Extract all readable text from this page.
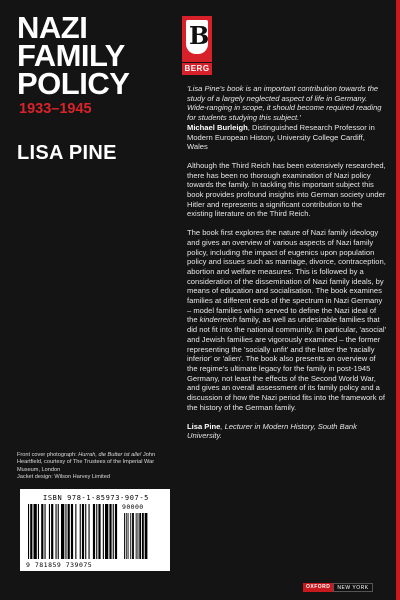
NAZI
FAMILY
POLICY
1933–1945
LISA PINE
B
BERG

'Lisa Pine's book is an important contribution towards the study of a largely neglected aspect of life in Germany. Wide-ranging in scope, it should become required reading for students studying this subject.'
Michael Burleigh, Distinguished Research Professor in Modern European History, University College Cardiff, Wales

Although the Third Reich has been extensively researched, there has been no thorough examination of Nazi policy towards the family. In tackling this important subject this book provides profound insights into German society under Hitler and represents a significant contribution to the existing literature on the Third Reich.

The book first explores the nature of Nazi family ideology and gives an overview of various aspects of Nazi family policy, including the impact of eugenics upon population policy and issues such as marriage, divorce, contraception, abortion and welfare measures. This is followed by a consideration of the dissemination of Nazi family ideals, by means of education and socialisation. The book examines families at different ends of the spectrum in Nazi Germany – model families which served to define the Nazi ideal of the kinderreich family, as well as undesirable families that did not fit into the national community. In particular, 'asocial' and Jewish families are vigorously examined – the former representing the 'socially unfit' and the latter the 'racially inferior' or 'alien'. The book also presents an overview of the regime's ultimate legacy for the family in post-1945 Germany, not least the effects of the Second World War, and gives an overall assessment of its family policy and a discussion of how the Nazi period fits into the framework of the history of the German family.

Lisa Pine, Lecturer in Modern History, South Bank University.

Front cover photograph: Hurrah, die Butter ist alle! John Heartfield, courtesy of The Trustees of the Imperial War Museum, London
Jacket design: Wilson Harvey Limited
ISBN 978-1-85973-907-5
90000
9 781859 739075
OXFORD	NEW YORK
